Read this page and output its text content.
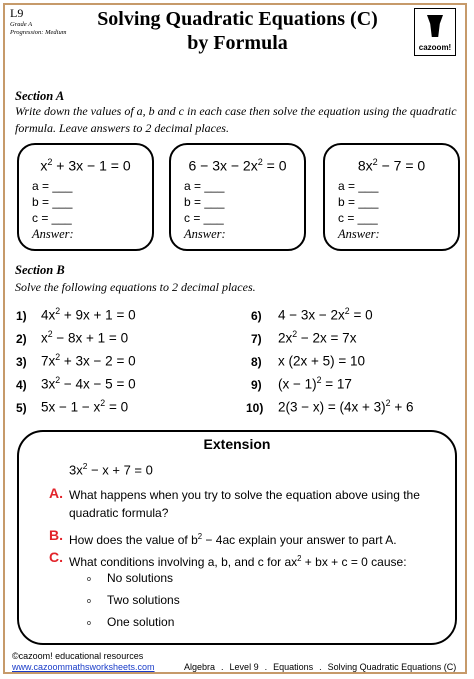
L9
Grade A
Progression: Medium
Solving Quadratic Equations (C)
by Formula	cazoom!
Section A
Write down the values of a, b and c in each case then solve the equation using the quadratic formula. Leave answers to 2 decimal places.
$x^2 + 3x - 1 = 0$
a = ___
b = ___
c = ___
Answer:
$6 - 3x - 2x^2 = 0$
a = ___
b = ___
c = ___
Answer:
$8x^2 - 7 = 0$
a = ___
b = ___
c = ___
Answer:
Section B
Solve the following equations to 2 decimal places.
1) $4x^2 + 9x + 1 = 0$
2) $x^2 - 8x + 1 = 0$
3) $7x^2 + 3x - 2 = 0$
4) $3x^2 - 4x - 5 = 0$
5) $5x - 1 - x^2 = 0$
6) $4 - 3x - 2x^2 = 0$
7) $2x^2 - 2x = 7x$
8) x (2x + 5) = 10
9) $(x - 1)^2 = 17$
10) $2(3 - x) = (4x + 3)^2 + 6$
Extension
$3x^2 - x + 7 = 0$
A. What happens when you try to solve the equation above using the quadratic formula?
B. How does the value of $b^2 - 4ac$ explain your answer to part A.
C. What conditions involving a, b, and c for $ax^2$ + bx + c = 0 cause:
o No solutions
o Two solutions
o One solution
©cazoom! educational resources
www.cazoommathsworksheets.com	Algebra . Level 9 . Equations . Solving Quadratic Equations (C)
